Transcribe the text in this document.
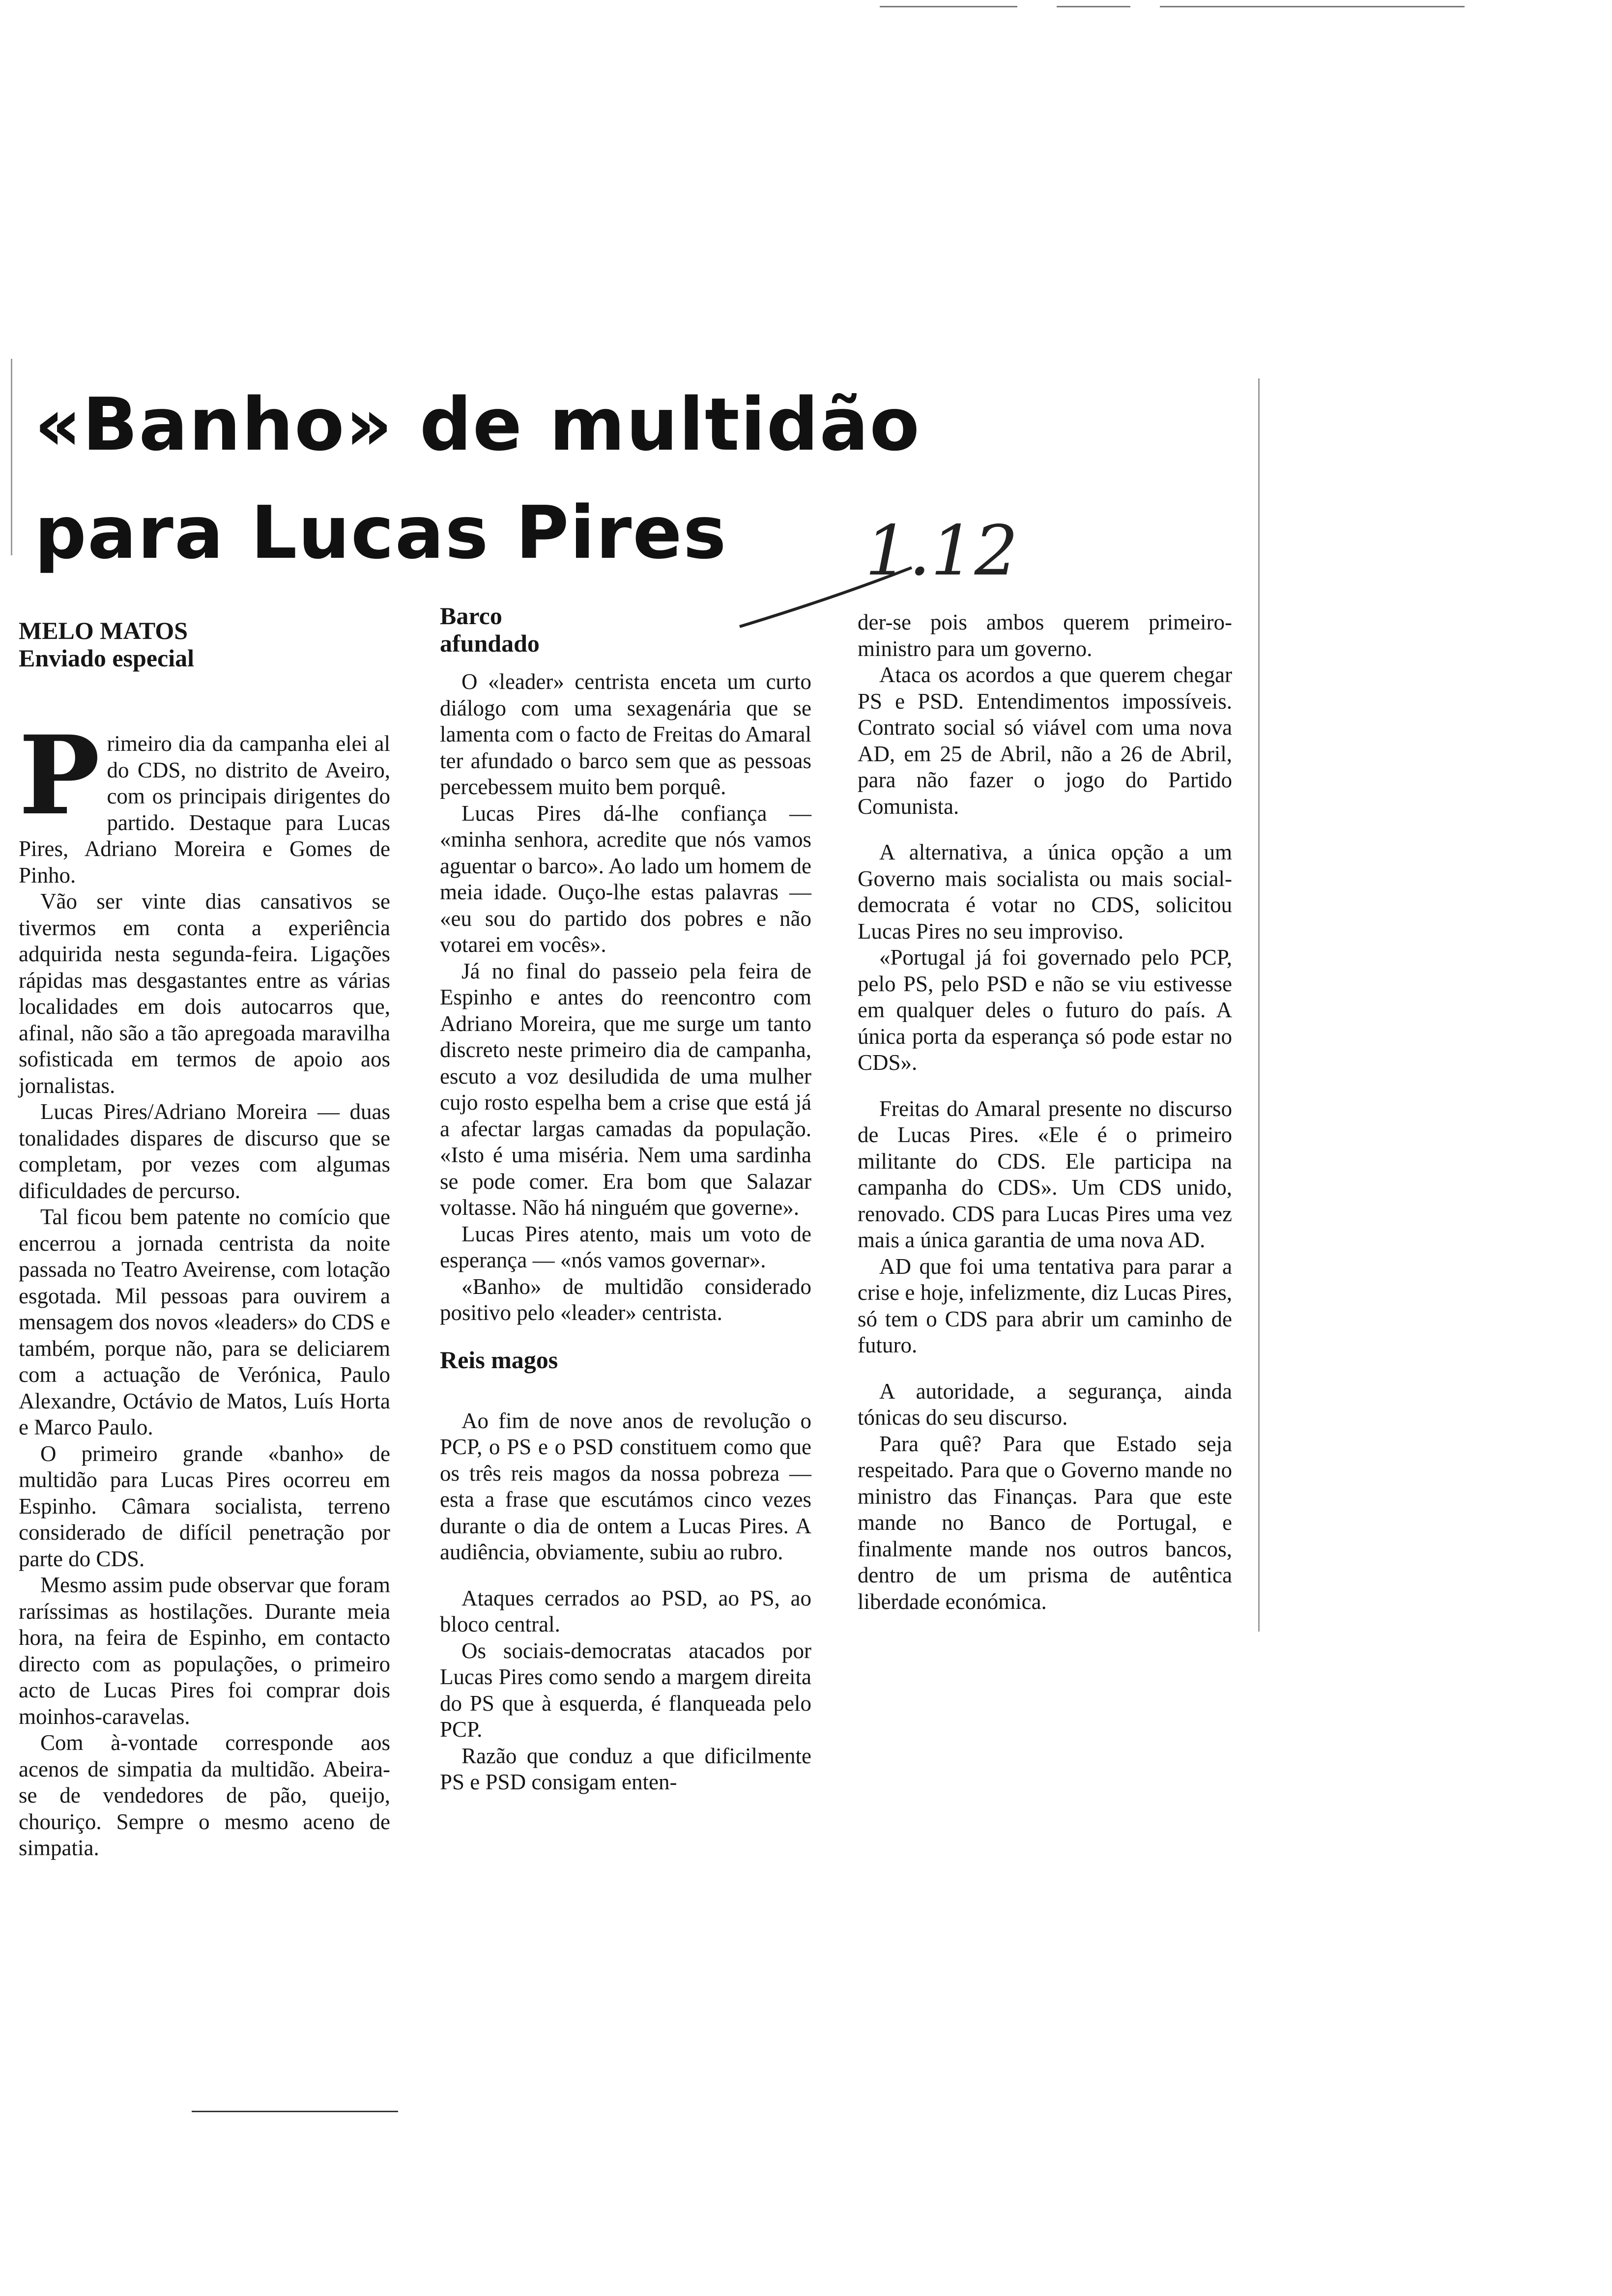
«Banho» de multidão
para Lucas Pires 1.12
MELO MATOS
Enviado especial
P rimeiro dia da campanha elei al do CDS, no distrito de Aveiro, com os principais dirigentes do partido. Destaque para Lucas Pires, Adriano Moreira e Gomes de Pinho.

Vão ser vinte dias cansativos se tivermos em conta a experiência adquirida nesta segunda-feira. Ligações rápidas mas desgastantes entre as várias localidades em dois autocarros que, afinal, não são a tão apregoada maravilha sofisticada em termos de apoio aos jornalistas.

Lucas Pires/Adriano Moreira — duas tonalidades dispares de discurso que se completam, por vezes com algumas dificuldades de percurso.

Tal ficou bem patente no comício que encerrou a jornada centrista da noite passada no Teatro Aveirense, com lotação esgotada. Mil pessoas para ouvirem a mensagem dos novos «leaders» do CDS e também, porque não, para se deliciarem com a actuação de Verónica, Paulo Alexandre, Octávio de Matos, Luís Horta e Marco Paulo.

O primeiro grande «banho» de multidão para Lucas Pires ocorreu em Espinho. Câmara socialista, terreno considerado de difícil penetração por parte do CDS.

Mesmo assim pude observar que foram raríssimas as hostilações. Durante meia hora, na feira de Espinho, em contacto directo com as populações, o primeiro acto de Lucas Pires foi comprar dois moinhos-caravelas.

Com à-vontade corresponde aos acenos de simpatia da multidão. Abeira-se de vendedores de pão, queijo, chouriço. Sempre o mesmo aceno de simpatia.

Barco afundado

O «leader» centrista enceta um curto diálogo com uma sexagenária que se lamenta com o facto de Freitas do Amaral ter afundado o barco sem que as pessoas percebessem muito bem porquê.

Lucas Pires dá-lhe confiança — «minha senhora, acredite que nós vamos aguentar o barco». Ao lado um homem de meia idade. Ouço-lhe estas palavras — «eu sou do partido dos pobres e não votarei em vocês».

Já no final do passeio pela feira de Espinho e antes do reencontro com Adriano Moreira, que me surge um tanto discreto neste primeiro dia de campanha, escuto a voz desiludida de uma mulher cujo rosto espelha bem a crise que está já a afectar largas camadas da população. «Isto é uma miséria. Nem uma sardinha se pode comer. Era bom que Salazar voltasse. Não há ninguém que governe».

Lucas Pires atento, mais um voto de esperança — «nós vamos governar».

«Banho» de multidão considerado positivo pelo «leader» centrista.

Reis magos

Ao fim de nove anos de revolução o PCP, o PS e o PSD constituem como que os três reis magos da nossa pobreza — esta a frase que escutámos cinco vezes durante o dia de ontem a Lucas Pires. A audiência, obviamente, subiu ao rubro.

Ataques cerrados ao PSD, ao PS, ao bloco central.

Os sociais-democratas atacados por Lucas Pires como sendo a margem direita do PS que à esquerda, é flanqueada pelo PCP.

Razão que conduz a que dificilmente PS e PSD consigam enten-

der-se pois ambos querem primeiro-ministro para um governo.

Ataca os acordos a que querem chegar PS e PSD. Entendimentos impossíveis. Contrato social só viável com uma nova AD, em 25 de Abril, não a 26 de Abril, para não fazer o jogo do Partido Comunista.

A alternativa, a única opção a um Governo mais socialista ou mais social-democrata é votar no CDS, solicitou Lucas Pires no seu improviso.

«Portugal já foi governado pelo PCP, pelo PS, pelo PSD e não se viu estivesse em qualquer deles o futuro do país. A única porta da esperança só pode estar no CDS».

Freitas do Amaral presente no discurso de Lucas Pires. «Ele é o primeiro militante do CDS. Ele participa na campanha do CDS». Um CDS unido, renovado. CDS para Lucas Pires uma vez mais a única garantia de uma nova AD.

AD que foi uma tentativa para parar a crise e hoje, infelizmente, diz Lucas Pires, só tem o CDS para abrir um caminho de futuro.

A autoridade, a segurança, ainda tónicas do seu discurso.

Para quê? Para que Estado seja respeitado. Para que o Governo mande no ministro das Finanças. Para que este mande no Banco de Portugal, e finalmente mande nos outros bancos, dentro de um prisma de autêntica liberdade económica.
